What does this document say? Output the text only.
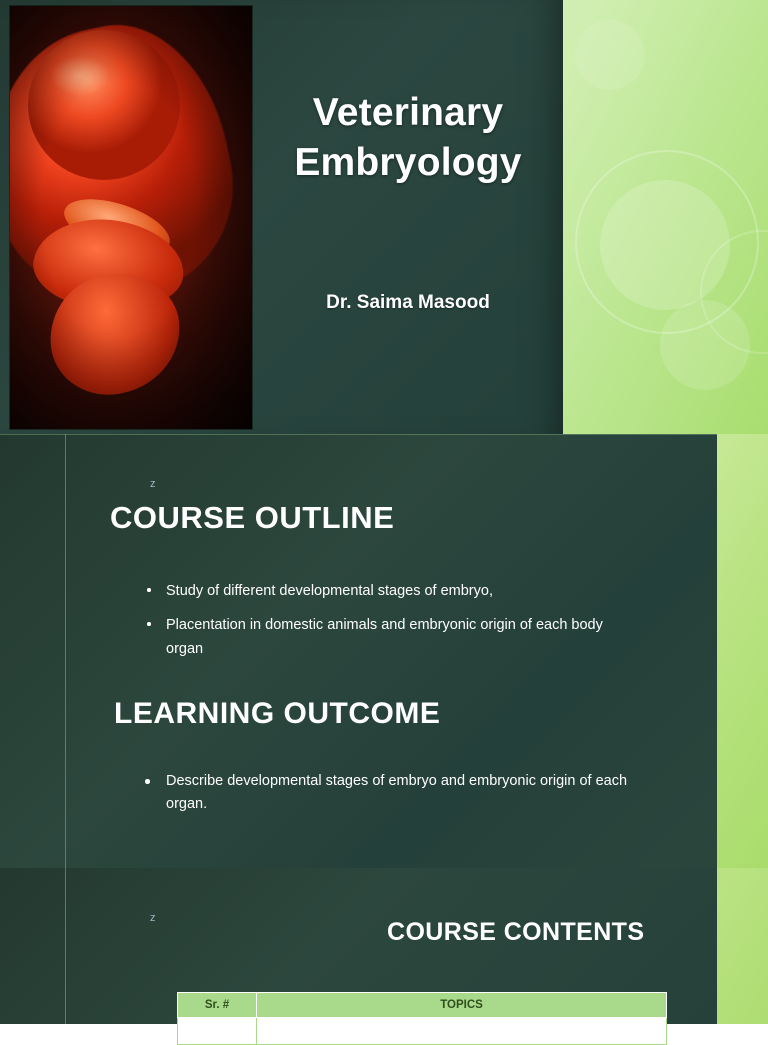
Veterinary
Embryology
Dr. Saima Masood
z
COURSE OUTLINE
Study of different developmental stages of embryo,
Placentation in domestic animals and embryonic origin of each body organ
LEARNING OUTCOME
Describe developmental stages of embryo and embryonic origin of each organ.
z	COURSE CONTENTS
Sr. #	TOPICS
